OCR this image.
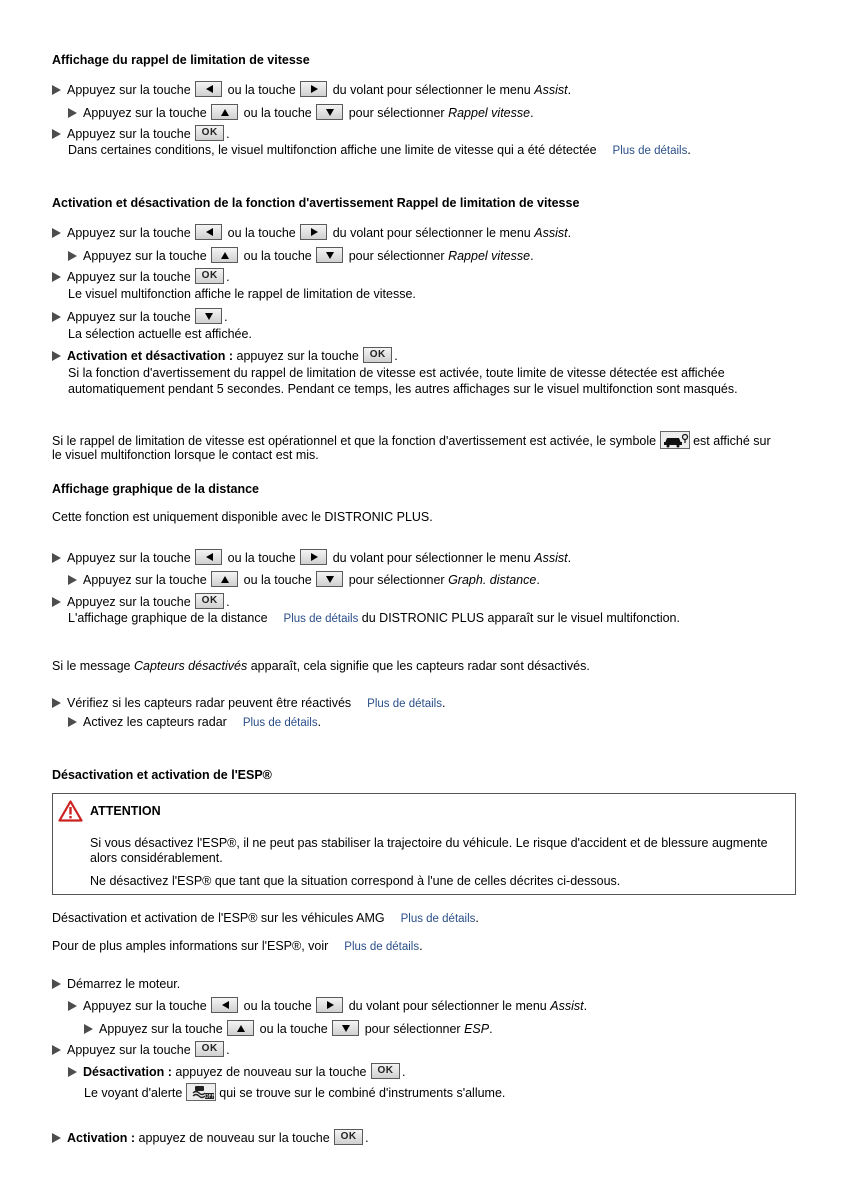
Affichage du rappel de limitation de vitesse
Appuyez sur la touche
ou la touche
du volant pour sélectionner le menu Assist.
Appuyez sur la touche
ou la touche
pour sélectionner Rappel vitesse.
Appuyez sur la touche OK .
Dans certaines conditions, le visuel multifonction affiche une limite de vitesse qui a été détectée Plus de détails.
Activation et désactivation de la fonction d'avertissement Rappel de limitation de vitesse
Appuyez sur la touche
ou la touche
du volant pour sélectionner le menu Assist.
Appuyez sur la touche
ou la touche
pour sélectionner Rappel vitesse.
Appuyez sur la touche OK .
Le visuel multifonction affiche le rappel de limitation de vitesse.
Appuyez sur la touche
.
La sélection actuelle est affichée.
Activation et désactivation : appuyez sur la touche OK .
Si la fonction d'avertissement du rappel de limitation de vitesse est activée, toute limite de vitesse détectée est affichée
automatiquement pendant 5 secondes. Pendant ce temps, les autres affichages sur le visuel multifonction sont masqués.
Si le rappel de limitation de vitesse est opérationnel et que la fonction d'avertissement est activée, le symbole
est affiché sur
le visuel multifonction lorsque le contact est mis.
Affichage graphique de la distance
Cette fonction est uniquement disponible avec le DISTRONIC PLUS.
Appuyez sur la touche
ou la touche
du volant pour sélectionner le menu Assist.
Appuyez sur la touche
ou la touche
pour sélectionner Graph. distance.
Appuyez sur la touche OK .
L'affichage graphique de la distance Plus de détails du DISTRONIC PLUS apparaît sur le visuel multifonction.
Si le message Capteurs désactivés apparaît, cela signifie que les capteurs radar sont désactivés.
Vérifiez si les capteurs radar peuvent être réactivés Plus de détails.
Activez les capteurs radar Plus de détails.
Désactivation et activation de l'ESP®
ATTENTION
Si vous désactivez l'ESP®, il ne peut pas stabiliser la trajectoire du véhicule. Le risque d'accident et de blessure augmente
alors considérablement.
Ne désactivez l'ESP® que tant que la situation correspond à l'une de celles décrites ci-dessous.
Désactivation et activation de l'ESP® sur les véhicules AMG Plus de détails.
Pour de plus amples informations sur l'ESP®, voir Plus de détails.
Démarrez le moteur.
Appuyez sur la touche
ou la touche
du volant pour sélectionner le menu Assist.
Appuyez sur la touche
ou la touche
pour sélectionner ESP.
Appuyez sur la touche OK .
Désactivation : appuyez de nouveau sur la touche OK .
Le voyant d'alerte	OFF qui se trouve sur le combiné d'instruments s'allume.
Activation : appuyez de nouveau sur la touche OK .
